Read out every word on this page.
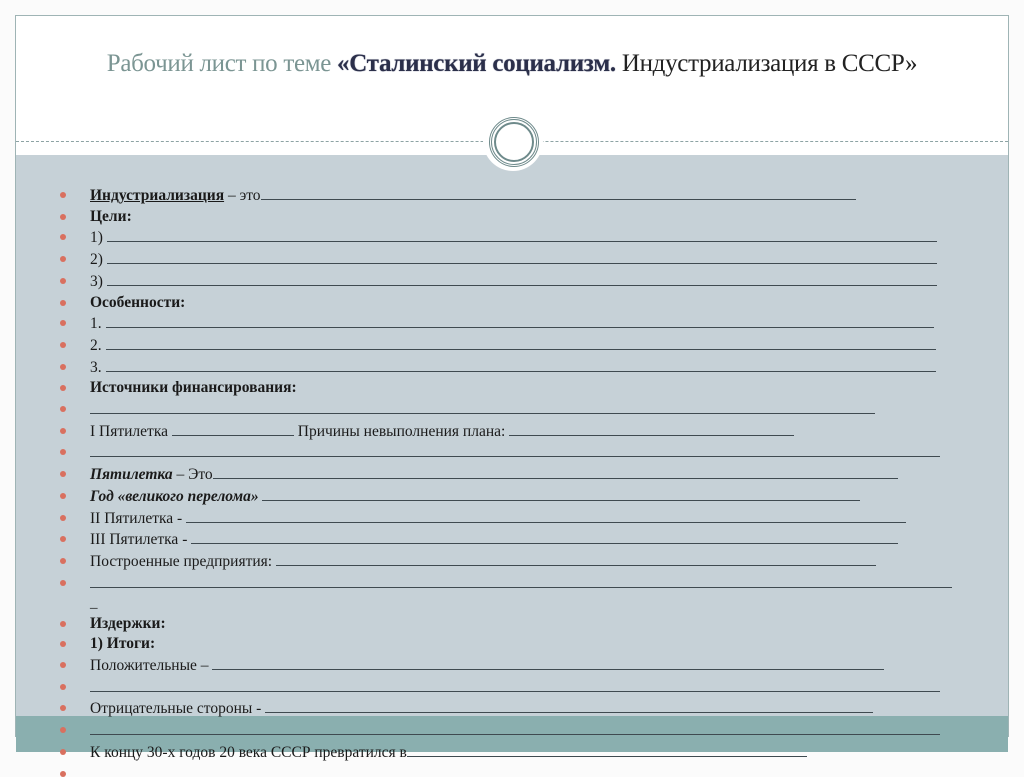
Рабочий лист по теме «Сталинский социализм. Индустриализация в СССР»
Индустриализация – это
Цели:
1)
2)
3)
Особенности:
1.
2.
3.
Источники финансирования:
I Пятилетка	Причины невыполнения плана:
Пятилетка – Это
Год «великого перелома»
II Пятилетка -
III Пятилетка -
Построенные предприятия:
_
Издержки:
1) Итоги:
Положительные –
Отрицательные стороны -
К концу 30-х годов 20 века СССР превратился в
